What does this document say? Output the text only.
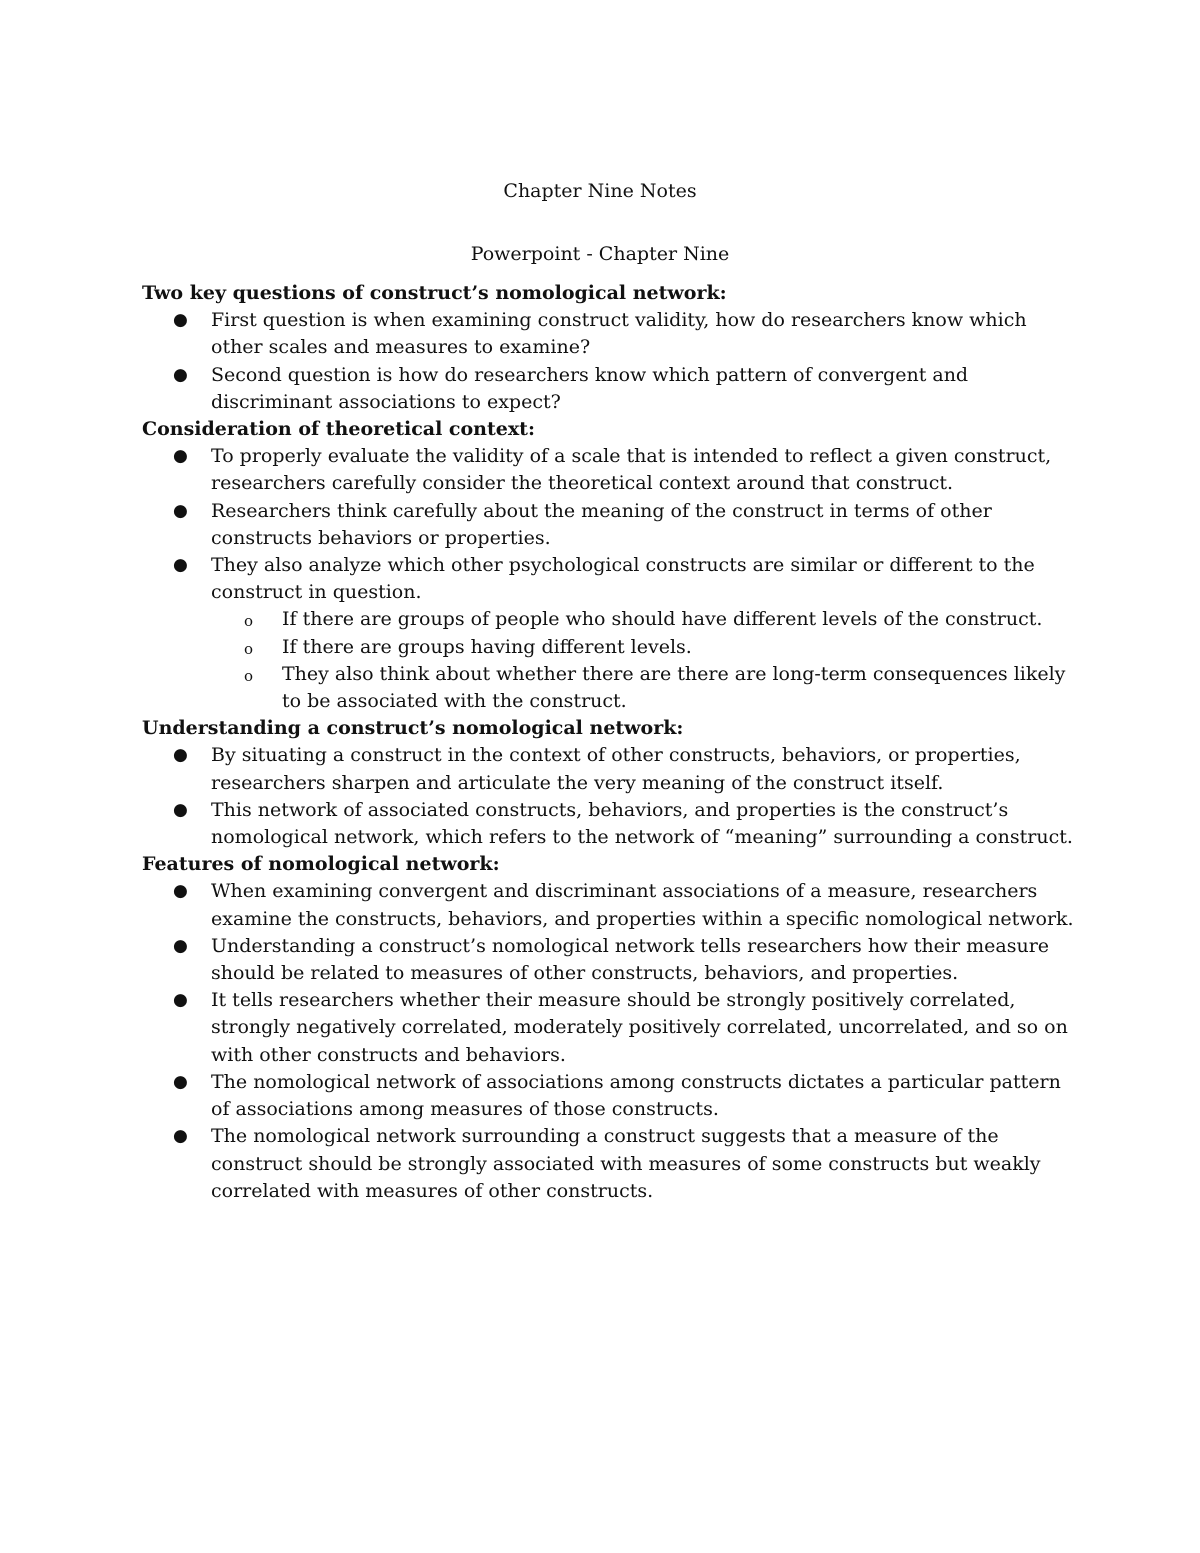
Chapter Nine Notes
Powerpoint - Chapter Nine

Two key questions of construct’s nomological network:

● First question is when examining construct validity, how do researchers know which other scales and measures to examine?
● Second question is how do researchers know which pattern of convergent and discriminant associations to expect?

Consideration of theoretical context:

● To properly evaluate the validity of a scale that is intended to reflect a given construct, researchers carefully consider the theoretical context around that construct.
● Researchers think carefully about the meaning of the construct in terms of other constructs behaviors or properties.
● They also analyze which other psychological constructs are similar or different to the construct in question.
o If there are groups of people who should have different levels of the construct.
o If there are groups having different levels.
o They also think about whether there are there are long-term consequences likely to be associated with the construct.

Understanding a construct’s nomological network:

● By situating a construct in the context of other constructs, behaviors, or properties, researchers sharpen and articulate the very meaning of the construct itself.
● This network of associated constructs, behaviors, and properties is the construct’s nomological network, which refers to the network of “meaning” surrounding a construct.

Features of nomological network:

● When examining convergent and discriminant associations of a measure, researchers examine the constructs, behaviors, and properties within a specific nomological network.
● Understanding a construct’s nomological network tells researchers how their measure should be related to measures of other constructs, behaviors, and properties.
● It tells researchers whether their measure should be strongly positively correlated, strongly negatively correlated, moderately positively correlated, uncorrelated, and so on with other constructs and behaviors.
● The nomological network of associations among constructs dictates a particular pattern of associations among measures of those constructs.
● The nomological network surrounding a construct suggests that a measure of the construct should be strongly associated with measures of some constructs but weakly correlated with measures of other constructs.
